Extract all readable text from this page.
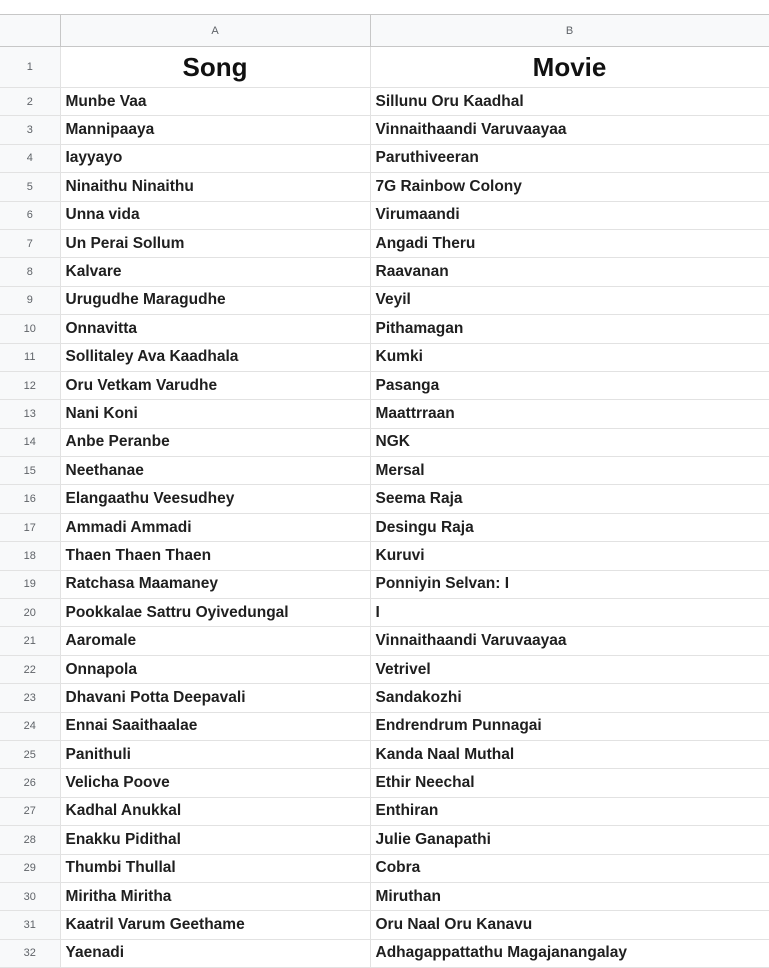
	A	B
1	Song	Movie
2	Munbe Vaa	Sillunu Oru Kaadhal
3	Mannipaaya	Vinnaithaandi Varuvaayaa
4	Iayyayo	Paruthiveeran
5	Ninaithu Ninaithu	7G Rainbow Colony
6	Unna vida	Virumaandi
7	Un Perai Sollum	Angadi Theru
8	Kalvare	Raavanan
9	Urugudhe Maragudhe	Veyil
10	Onnavitta	Pithamagan
11	Sollitaley Ava Kaadhala	Kumki
12	Oru Vetkam Varudhe	Pasanga
13	Nani Koni	Maattrraan
14	Anbe Peranbe	NGK
15	Neethanae	Mersal
16	Elangaathu Veesudhey	Seema Raja
17	Ammadi Ammadi	Desingu Raja
18	Thaen Thaen Thaen	Kuruvi
19	Ratchasa Maamaney	Ponniyin Selvan: I
20	Pookkalae Sattru Oyivedungal	I
21	Aaromale	Vinnaithaandi Varuvaayaa
22	Onnapola	Vetrivel
23	Dhavani Potta Deepavali	Sandakozhi
24	Ennai Saaithaalae	Endrendrum Punnagai
25	Panithuli	Kanda Naal Muthal
26	Velicha Poove	Ethir Neechal
27	Kadhal Anukkal	Enthiran
28	Enakku Pidithal	Julie Ganapathi
29	Thumbi Thullal	Cobra
30	Miritha Miritha	Miruthan
31	Kaatril Varum Geethame	Oru Naal Oru Kanavu
32	Yaenadi	Adhagappattathu Magajanangalay
